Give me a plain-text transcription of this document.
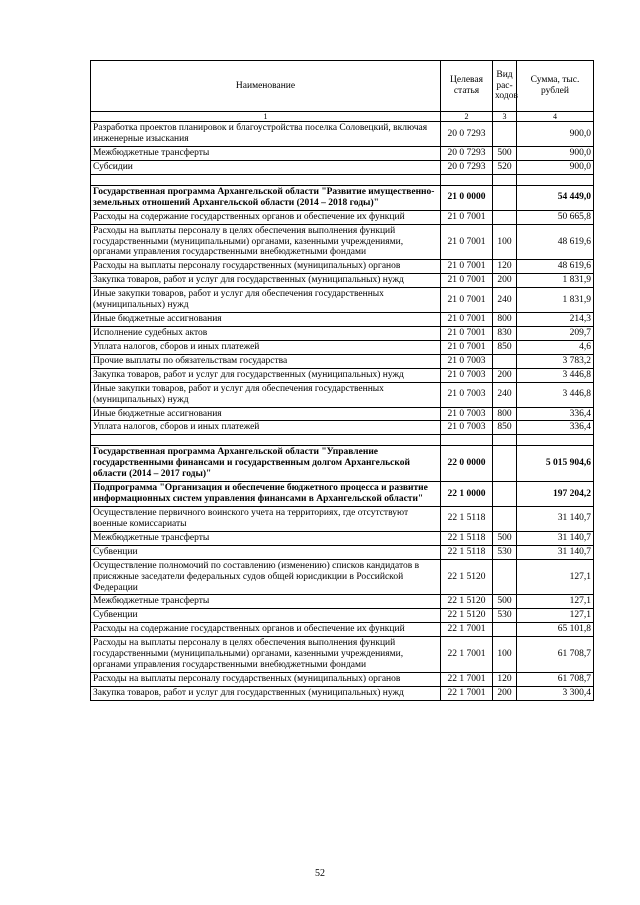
Наименование	Целевая статья	Вид рас-ходов	Сумма, тыс. рублей
1	2	3	4
Разработка проектов планировок и благоустройства поселка Соловецкий, включая инженерные изыскания	20 0 7293		900,0
Межбюджетные трансферты	20 0 7293	500	900,0
Субсидии	20 0 7293	520	900,0

Государственная программа Архангельской области "Развитие имущественно-земельных отношений Архангельской области (2014 – 2018 годы)"	21 0 0000		54 449,0
Расходы на содержание государственных органов и обеспечение их функций	21 0 7001		50 665,8
Расходы на выплаты персоналу в целях обеспечения выполнения функций государственными (муниципальными) органами, казенными учреждениями, органами управления государственными внебюджетными фондами	21 0 7001	100	48 619,6
Расходы на выплаты персоналу государственных (муниципальных) органов	21 0 7001	120	48 619,6
Закупка товаров, работ и услуг для государственных (муниципальных) нужд	21 0 7001	200	1 831,9
Иные закупки товаров, работ и услуг для обеспечения государственных (муниципальных) нужд	21 0 7001	240	1 831,9
Иные бюджетные ассигнования	21 0 7001	800	214,3
Исполнение судебных актов	21 0 7001	830	209,7
Уплата налогов, сборов и иных платежей	21 0 7001	850	4,6
Прочие выплаты по обязательствам государства	21 0 7003		3 783,2
Закупка товаров, работ и услуг для государственных (муниципальных) нужд	21 0 7003	200	3 446,8
Иные закупки товаров, работ и услуг для обеспечения государственных (муниципальных) нужд	21 0 7003	240	3 446,8
Иные бюджетные ассигнования	21 0 7003	800	336,4
Уплата налогов, сборов и иных платежей	21 0 7003	850	336,4

Государственная программа Архангельской области "Управление государственными финансами и государственным долгом Архангельской области (2014 – 2017 годы)"	22 0 0000		5 015 904,6
Подпрограмма "Организация и обеспечение бюджетного процесса и развитие информационных систем управления финансами в Архангельской области"	22 1 0000		197 204,2
Осуществление первичного воинского учета на территориях, где отсутствуют военные комиссариаты	22 1 5118		31 140,7
Межбюджетные трансферты	22 1 5118	500	31 140,7
Субвенции	22 1 5118	530	31 140,7
Осуществление полномочий по составлению (изменению) списков кандидатов в присяжные заседатели федеральных судов общей юрисдикции в Российской Федерации	22 1 5120		127,1
Межбюджетные трансферты	22 1 5120	500	127,1
Субвенции	22 1 5120	530	127,1
Расходы на содержание государственных органов и обеспечение их функций	22 1 7001		65 101,8
Расходы на выплаты персоналу в целях обеспечения выполнения функций государственными (муниципальными) органами, казенными учреждениями, органами управления государственными внебюджетными фондами	22 1 7001	100	61 708,7
Расходы на выплаты персоналу государственных (муниципальных) органов	22 1 7001	120	61 708,7
Закупка товаров, работ и услуг для государственных (муниципальных) нужд	22 1 7001	200	3 300,4
52
